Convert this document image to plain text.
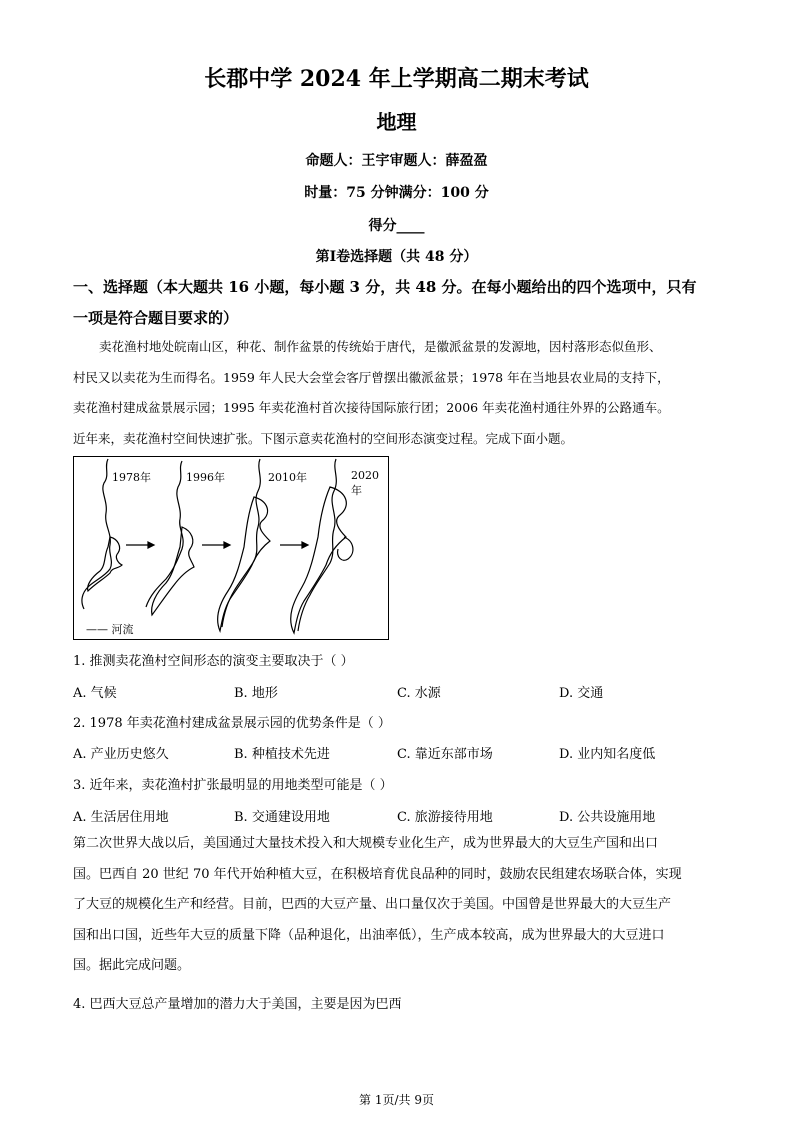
长郡中学 2024 年上学期高二期末考试
地理
命题人：王宇审题人：薛盈盈
时量：75 分钟满分：100 分
得分____
第Ⅰ卷选择题（共 48 分）
一、选择题（本大题共 16 小题，每小题 3 分，共 48 分。在每小题给出的四个选项中，只有
一项是符合题目要求的）

卖花渔村地处皖南山区，种花、制作盆景的传统始于唐代，是徽派盆景的发源地，因村落形态似鱼形、

村民又以卖花为生而得名。1959 年人民大会堂会客厅曾摆出徽派盆景；1978 年在当地县农业局的支持下，

卖花渔村建成盆景展示园；1995 年卖花渔村首次接待国际旅行团；2006 年卖花渔村通往外界的公路通车。

近年来，卖花渔村空间快速扩张。下图示意卖花渔村的空间形态演变过程。完成下面小题。

1978年	1996年	2010年	2020年
—— 河流
1. 推测卖花渔村空间形态的演变主要取决于（ ）
A. 气候	B. 地形	C. 水源	D. 交通
2. 1978 年卖花渔村建成盆景展示园的优势条件是（ ）
A. 产业历史悠久	B. 种植技术先进	C. 靠近东部市场	D. 业内知名度低
3. 近年来，卖花渔村扩张最明显的用地类型可能是（ ）
A. 生活居住用地	B. 交通建设用地	C. 旅游接待用地	D. 公共设施用地

第二次世界大战以后，美国通过大量技术投入和大规模专业化生产，成为世界最大的大豆生产国和出口

国。巴西自 20 世纪 70 年代开始种植大豆，在积极培育优良品种的同时，鼓励农民组建农场联合体，实现

了大豆的规模化生产和经营。目前，巴西的大豆产量、出口量仅次于美国。中国曾是世界最大的大豆生产

国和出口国，近些年大豆的质量下降（品种退化，出油率低），生产成本较高，成为世界最大的大豆进口

国。据此完成问题。

4. 巴西大豆总产量增加的潜力大于美国，主要是因为巴西
第 1页/共 9页
